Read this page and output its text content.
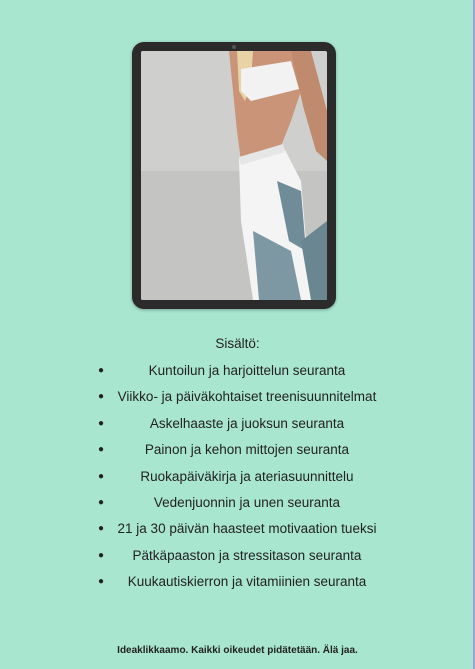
Sisältö:
●	Kuntoilun ja harjoittelun seuranta
● Viikko- ja päiväkohtaiset treenisuunnitelmat
●	Askelhaaste ja juoksun seuranta
●	Painon ja kehon mittojen seuranta
●	Ruokapäiväkirja ja ateriasuunnittelu
●	Vedenjuonnin ja unen seuranta
● 21 ja 30 päivän haasteet motivaation tueksi
● Pätkäpaaston ja stressitason seuranta
● Kuukautiskierron ja vitamiinien seuranta
Ideaklikkaamo. Kaikki oikeudet pidätetään. Älä jaa.
